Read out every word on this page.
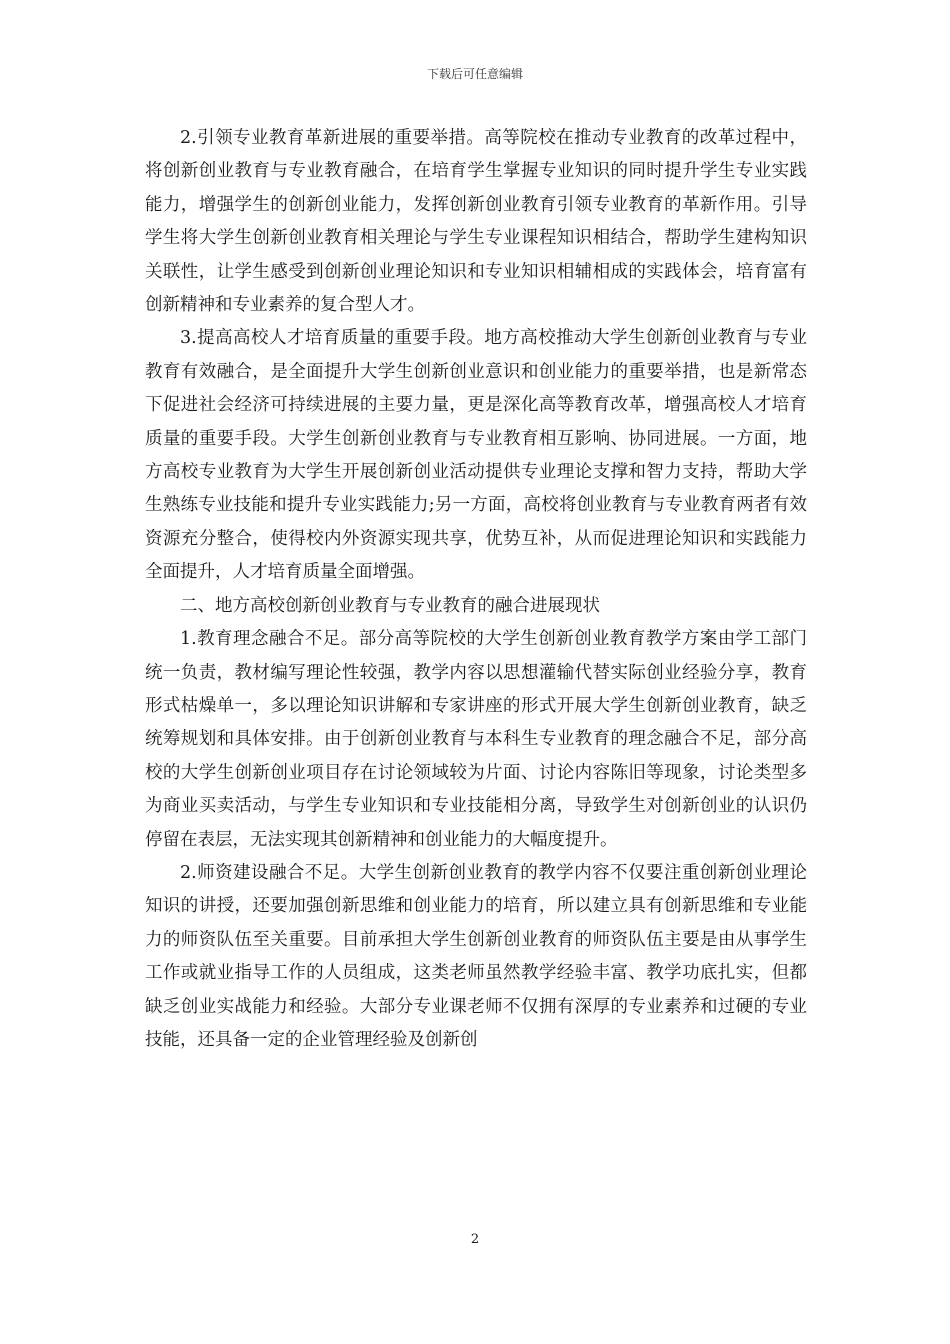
下载后可任意编辑

2.引领专业教育革新进展的重要举措。高等院校在推动专业教育的改革过程中，将创新创业教育与专业教育融合，在培育学生掌握专业知识的同时提升学生专业实践能力，增强学生的创新创业能力，发挥创新创业教育引领专业教育的革新作用。引导学生将大学生创新创业教育相关理论与学生专业课程知识相结合，帮助学生建构知识关联性，让学生感受到创新创业理论知识和专业知识相辅相成的实践体会，培育富有创新精神和专业素养的复合型人才。

3.提高高校人才培育质量的重要手段。地方高校推动大学生创新创业教育与专业教育有效融合，是全面提升大学生创新创业意识和创业能力的重要举措，也是新常态下促进社会经济可持续进展的主要力量，更是深化高等教育改革，增强高校人才培育质量的重要手段。大学生创新创业教育与专业教育相互影响、协同进展。一方面，地方高校专业教育为大学生开展创新创业活动提供专业理论支撑和智力支持，帮助大学生熟练专业技能和提升专业实践能力;另一方面，高校将创业教育与专业教育两者有效资源充分整合，使得校内外资源实现共享，优势互补，从而促进理论知识和实践能力全面提升，人才培育质量全面增强。

二、地方高校创新创业教育与专业教育的融合进展现状

1.教育理念融合不足。部分高等院校的大学生创新创业教育教学方案由学工部门统一负责，教材编写理论性较强，教学内容以思想灌输代替实际创业经验分享，教育形式枯燥单一，多以理论知识讲解和专家讲座的形式开展大学生创新创业教育，缺乏统筹规划和具体安排。由于创新创业教育与本科生专业教育的理念融合不足，部分高校的大学生创新创业项目存在讨论领域较为片面、讨论内容陈旧等现象，讨论类型多为商业买卖活动，与学生专业知识和专业技能相分离，导致学生对创新创业的认识仍停留在表层，无法实现其创新精神和创业能力的大幅度提升。

2.师资建设融合不足。大学生创新创业教育的教学内容不仅要注重创新创业理论知识的讲授，还要加强创新思维和创业能力的培育，所以建立具有创新思维和专业能力的师资队伍至关重要。目前承担大学生创新创业教育的师资队伍主要是由从事学生工作或就业指导工作的人员组成，这类老师虽然教学经验丰富、教学功底扎实，但都缺乏创业实战能力和经验。大部分专业课老师不仅拥有深厚的专业素养和过硬的专业技能，还具备一定的企业管理经验及创新创

2
